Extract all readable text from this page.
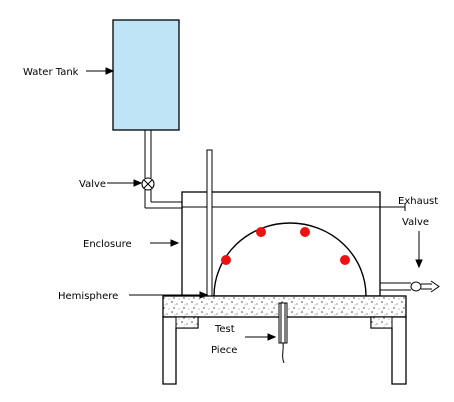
Water Tank
Valve
Enclosure
Hemisphere
Exhaust
Valve
Test
Piece
